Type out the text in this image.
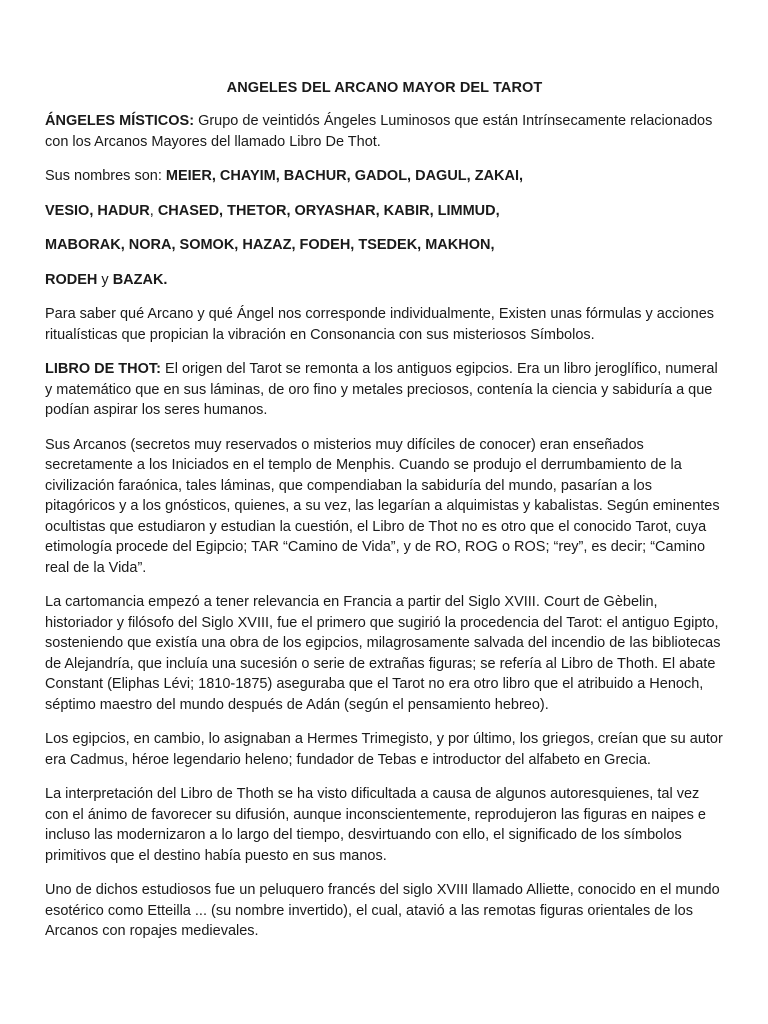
ANGELES DEL ARCANO MAYOR DEL TAROT

ÁNGELES MÍSTICOS: Grupo de veintidós Ángeles Luminosos que están Intrínsecamente relacionados con los Arcanos Mayores del llamado Libro De Thot.

Sus nombres son: MEIER, CHAYIM, BACHUR, GADOL, DAGUL, ZAKAI,

VESIO, HADUR, CHASED, THETOR, ORYASHAR, KABIR, LIMMUD,

MABORAK, NORA, SOMOK, HAZAZ, FODEH, TSEDEK, MAKHON,

RODEH y BAZAK.

Para saber qué Arcano y qué Ángel nos corresponde individualmente, Existen unas fórmulas y acciones ritualísticas que propician la vibración en Consonancia con sus misteriosos Símbolos.

LIBRO DE THOT: El origen del Tarot se remonta a los antiguos egipcios. Era un libro jeroglífico, numeral y matemático que en sus láminas, de oro fino y metales preciosos, contenía la ciencia y sabiduría a que podían aspirar los seres humanos.

Sus Arcanos (secretos muy reservados o misterios muy difíciles de conocer) eran enseñados secretamente a los Iniciados en el templo de Menphis. Cuando se produjo el derrumbamiento de la civilización faraónica, tales láminas, que compendiaban la sabiduría del mundo, pasarían a los pitagóricos y a los gnósticos, quienes, a su vez, las legarían a alquimistas y kabalistas. Según eminentes ocultistas que estudiaron y estudian la cuestión, el Libro de Thot no es otro que el conocido Tarot, cuya etimología procede del Egipcio; TAR “Camino de Vida”, y de RO, ROG o ROS; “rey”, es decir; “Camino real de la Vida”.

La cartomancia empezó a tener relevancia en Francia a partir del Siglo XVIII. Court de Gèbelin, historiador y filósofo del Siglo XVIII, fue el primero que sugirió la procedencia del Tarot: el antiguo Egipto, sosteniendo que existía una obra de los egipcios, milagrosamente salvada del incendio de las bibliotecas de Alejandría, que incluía una sucesión o serie de extrañas figuras; se refería al Libro de Thoth. El abate Constant (Eliphas Lévi; 1810-1875) aseguraba que el Tarot no era otro libro que el atribuido a Henoch, séptimo maestro del mundo después de Adán (según el pensamiento hebreo).

Los egipcios, en cambio, lo asignaban a Hermes Trimegisto, y por último, los griegos, creían que su autor era Cadmus, héroe legendario heleno; fundador de Tebas e introductor del alfabeto en Grecia.

La interpretación del Libro de Thoth se ha visto dificultada a causa de algunos autoresquienes, tal vez con el ánimo de favorecer su difusión, aunque inconscientemente, reprodujeron las figuras en naipes e incluso las modernizaron a lo largo del tiempo, desvirtuando con ello, el significado de los símbolos primitivos que el destino había puesto en sus manos.

Uno de dichos estudiosos fue un peluquero francés del siglo XVIII llamado Alliette, conocido en el mundo esotérico como Etteilla ... (su nombre invertido), el cual, atavió a las remotas figuras orientales de los Arcanos con ropajes medievales.
